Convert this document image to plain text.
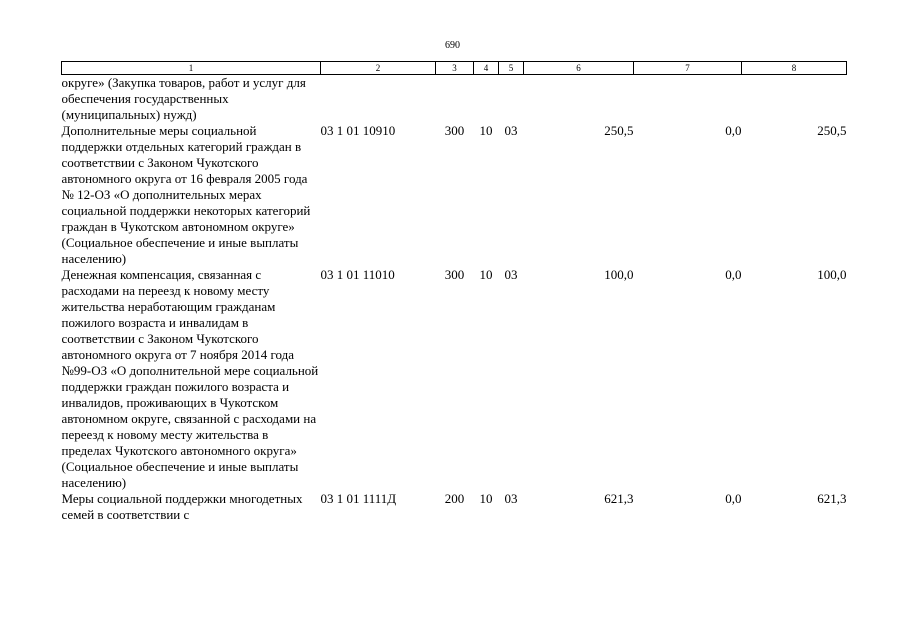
690
1	2	3	4	5	6	7	8
округе» (Закупка товаров, работ и услуг для обеспечения государственных (муниципальных) нужд)							
Дополнительные меры социальной поддержки отдельных категорий граждан в соответствии с Законом Чукотского автономного округа от 16 февраля 2005 года № 12-ОЗ «О дополнительных мерах социальной поддержки некоторых категорий граждан в Чукотском автономном округе» (Социальное обеспечение и иные выплаты населению)	03 1 01 10910	300	10	03	250,5	0,0	250,5
Денежная компенсация, связанная с расходами на переезд к новому месту жительства неработающим гражданам пожилого возраста и инвалидам в соответствии с Законом Чукотского автономного округа от 7 ноября 2014 года №99-ОЗ «О дополнительной мере социальной поддержки граждан пожилого возраста и инвалидов, проживающих в Чукотском автономном округе, связанной с расходами на переезд к новому месту жительства в пределах Чукотского автономного округа» (Социальное обеспечение и иные выплаты населению)	03 1 01 11010	300	10	03	100,0	0,0	100,0
Меры социальной поддержки многодетных семей в соответствии с	03 1 01 1111Д	200	10	03	621,3	0,0	621,3
